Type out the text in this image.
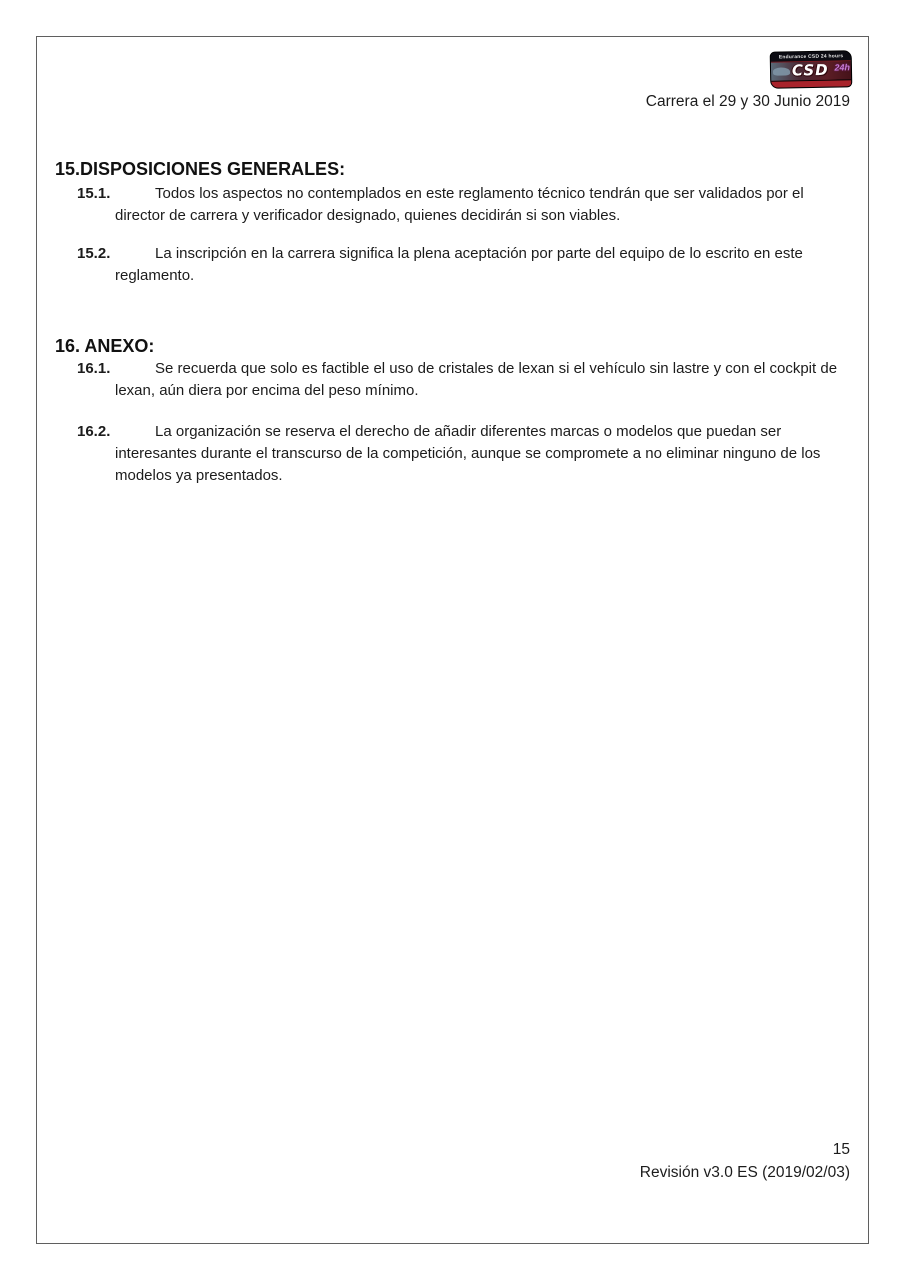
Endurance CSD 24 hours
CSD 24h
Carrera el 29 y 30 Junio 2019
15.DISPOSICIONES GENERALES:
15.1.	Todos los aspectos no contemplados en este reglamento técnico tendrán que ser validados por el director de carrera y verificador designado, quienes decidirán si son viables.
15.2.	La inscripción en la carrera significa la plena aceptación por parte del equipo de lo escrito en este reglamento.
16. ANEXO:
16.1.	Se recuerda que solo es factible el uso de cristales de lexan si el vehículo sin lastre y con el cockpit de lexan, aún diera por encima del peso mínimo.
16.2.	La organización se reserva el derecho de añadir diferentes marcas o modelos que puedan ser interesantes durante el transcurso de la competición, aunque se compromete a no eliminar ninguno de los modelos ya presentados.
15
Revisión v3.0 ES (2019/02/03)
